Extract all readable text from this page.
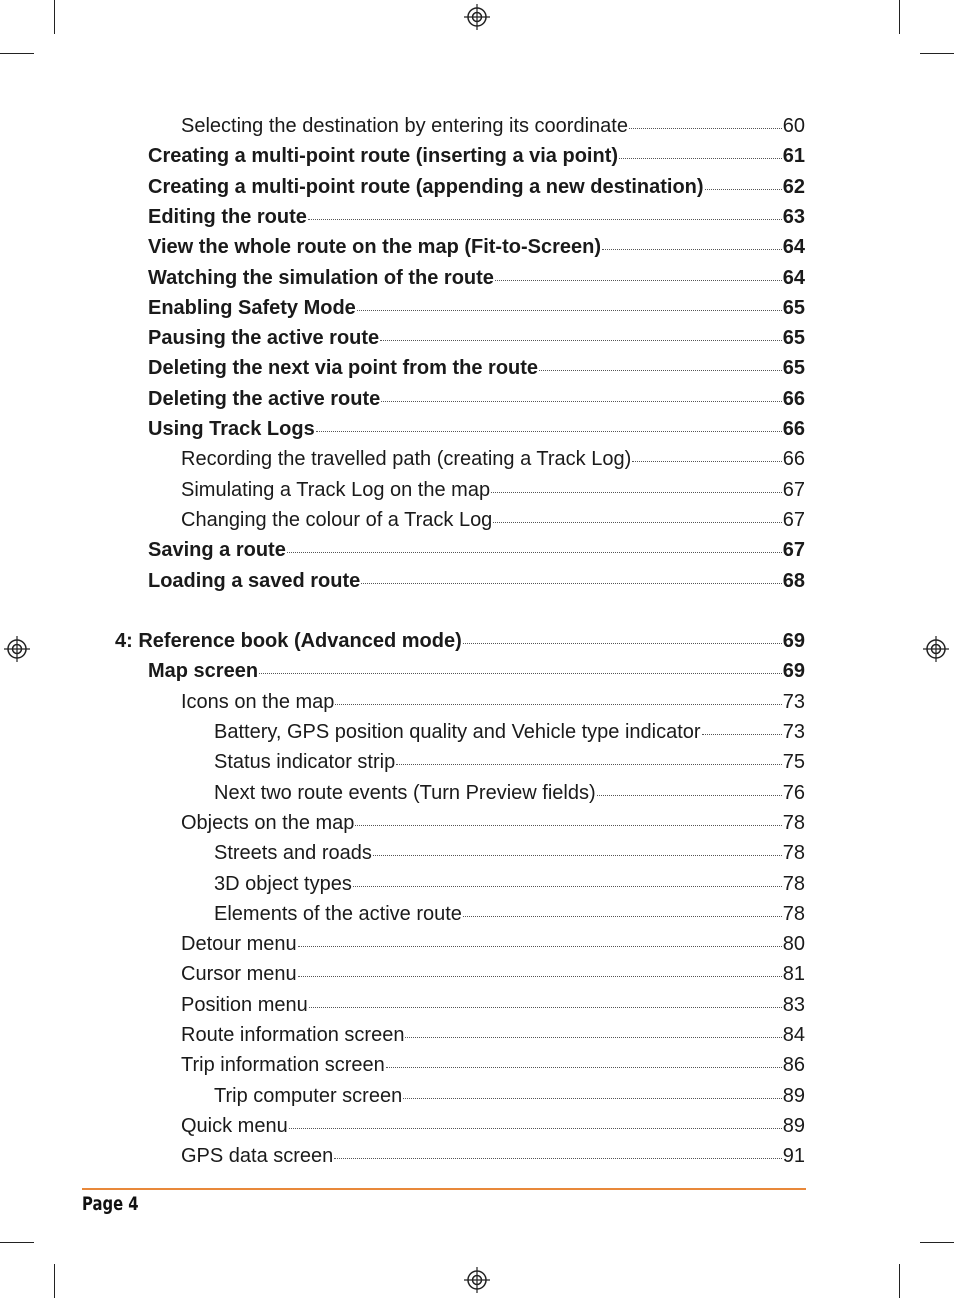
Selecting the destination by entering its coordinate	60
Creating a multi-point route (inserting a via point)	61
Creating a multi-point route (appending a new destination)	62
Editing the route	63
View the whole route on the map (Fit-to-Screen)	64
Watching the simulation of the route	64
Enabling Safety Mode	65
Pausing the active route	65
Deleting the next via point from the route	65
Deleting the active route	66
Using Track Logs	66
Recording the travelled path (creating a Track Log)	66
Simulating a Track Log on the map	67
Changing the colour of a Track Log	67
Saving a route	67
Loading a saved route	68
4: Reference book (Advanced mode)	69
Map screen	69
Icons on the map	73
Battery, GPS position quality and Vehicle type indicator	73
Status indicator strip	75
Next two route events (Turn Preview fields)	76
Objects on the map	78
Streets and roads	78
3D object types	78
Elements of the active route	78
Detour menu	80
Cursor menu	81
Position menu	83
Route information screen	84
Trip information screen	86
Trip computer screen	89
Quick menu	89
GPS data screen	91
Page 4
